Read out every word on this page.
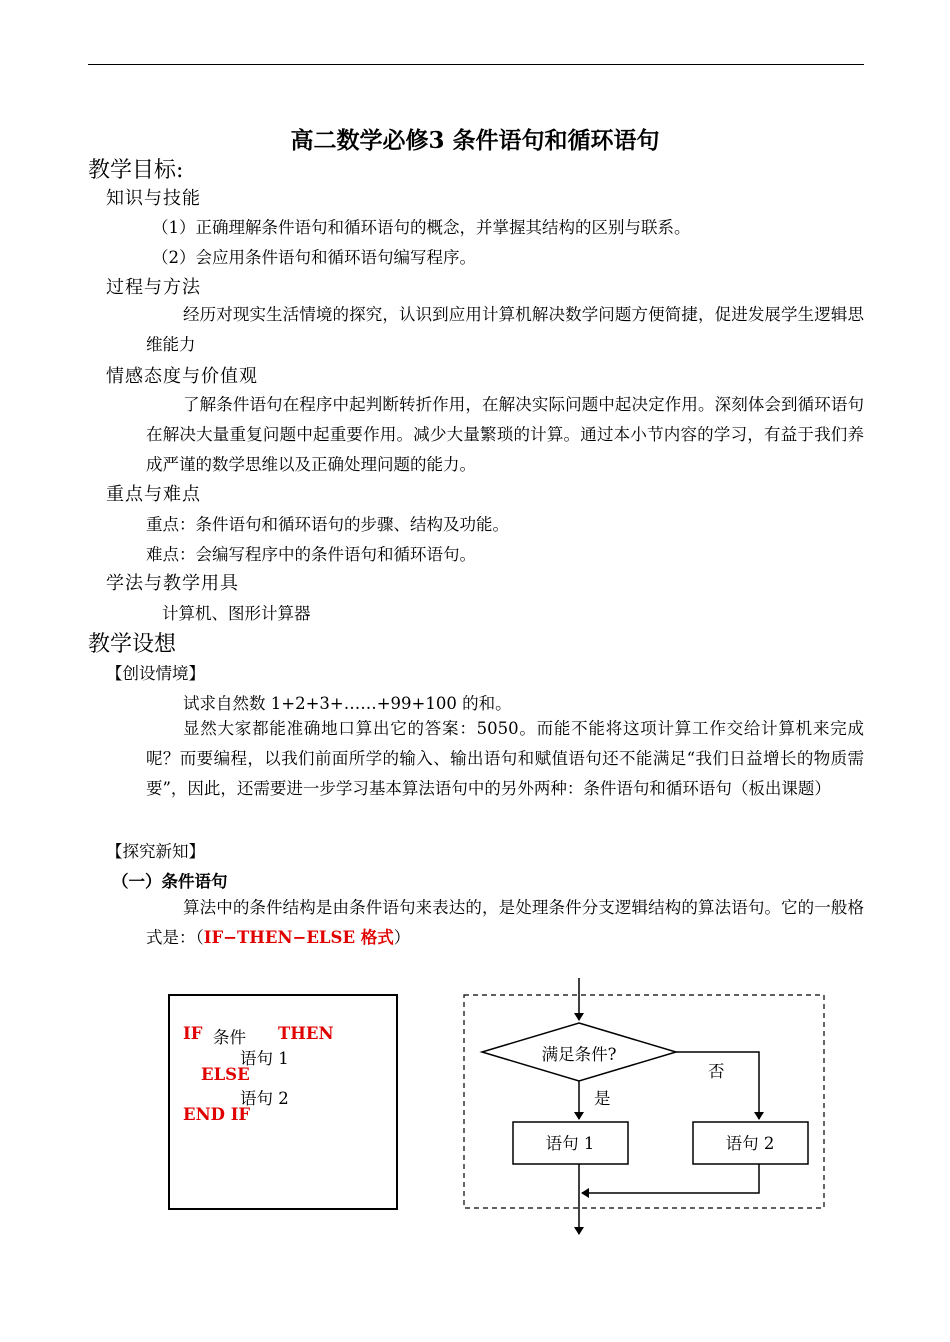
高二数学必修3 条件语句和循环语句
教学目标:
知识与技能
（1）正确理解条件语句和循环语句的概念，并掌握其结构的区别与联系。
（2）会应用条件语句和循环语句编写程序。
过程与方法
经历对现实生活情境的探究，认识到应用计算机解决数学问题方便简捷，促进发展学生逻辑思维能力
情感态度与价值观
了解条件语句在程序中起判断转折作用，在解决实际问题中起决定作用。深刻体会到循环语句在解决大量重复问题中起重要作用。减少大量繁琐的计算。通过本小节内容的学习，有益于我们养成严谨的数学思维以及正确处理问题的能力。
重点与难点
重点：条件语句和循环语句的步骤、结构及功能。
难点：会编写程序中的条件语句和循环语句。
学法与教学用具
计算机、图形计算器
教学设想
【创设情境】
试求自然数 1+2+3+……+99+100 的和。
显然大家都能准确地口算出它的答案：5050。而能不能将这项计算工作交给计算机来完成呢？而要编程，以我们前面所学的输入、输出语句和赋值语句还不能满足“我们日益增长的物质需要”，因此，还需要进一步学习基本算法语句中的另外两种：条件语句和循环语句（板出课题）
【探究新知】
（一）条件语句
算法中的条件结构是由条件语句来表达的，是处理条件分支逻辑结构的算法语句。它的一般格式是：（IF−THEN−ELSE 格式）
IF 条件 THEN
语句 1
ELSE
语句 2
END IF
满足条件?
是
否
语句 1	语句 2
